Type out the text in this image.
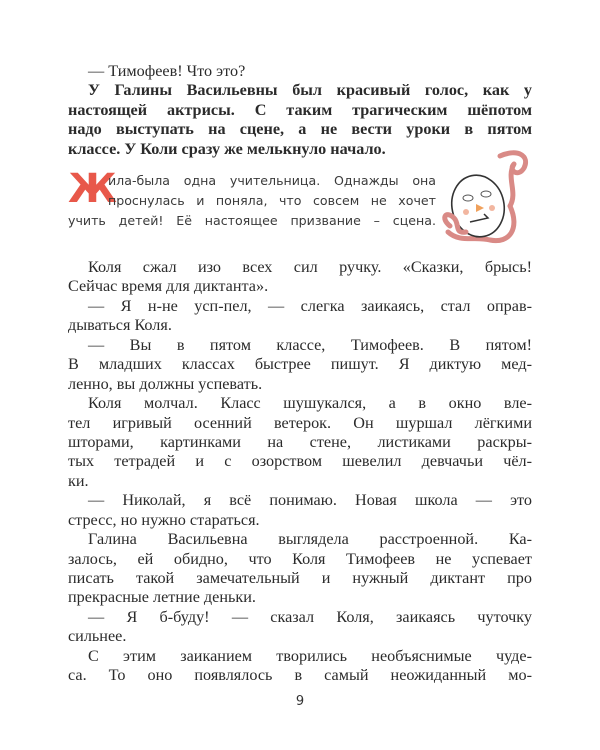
— Тимофеев! Что это?
У Галины Васильевны был красивый голос, как у
настоящей актрисы. С таким трагическим шёпотом
надо выступать на сцене, а не вести уроки в пятом
классе. У Коли сразу же мелькнуло начало.
Ж
ила-была одна учительница. Однажды она
проснулась и поняла, что совсем не хочет
учить детей! Её настоящее призвание – сцена.
Коля сжал изо всех сил ручку. «Сказки, брысь!
Сейчас время для диктанта».
— Я н-не усп-пел, — слегка заикаясь, стал оправ-
дываться Коля.
— Вы в пятом классе, Тимофеев. В пятом!
В младших классах быстрее пишут. Я диктую мед-
ленно, вы должны успевать.
Коля молчал. Класс шушукался, а в окно вле-
тел игривый осенний ветерок. Он шуршал лёгкими
шторами, картинками на стене, листиками раскры-
тых тетрадей и с озорством шевелил девчачьи чёл-
ки.
— Николай, я всё понимаю. Новая школа — это
стресс, но нужно стараться.
Галина Васильевна выглядела расстроенной. Ка-
залось, ей обидно, что Коля Тимофеев не успевает
писать такой замечательный и нужный диктант про
прекрасные летние деньки.
— Я б-буду! — сказал Коля, заикаясь чуточку
сильнее.
С этим заиканием творились необъяснимые чуде-
са. То оно появлялось в самый неожиданный мо-
9
